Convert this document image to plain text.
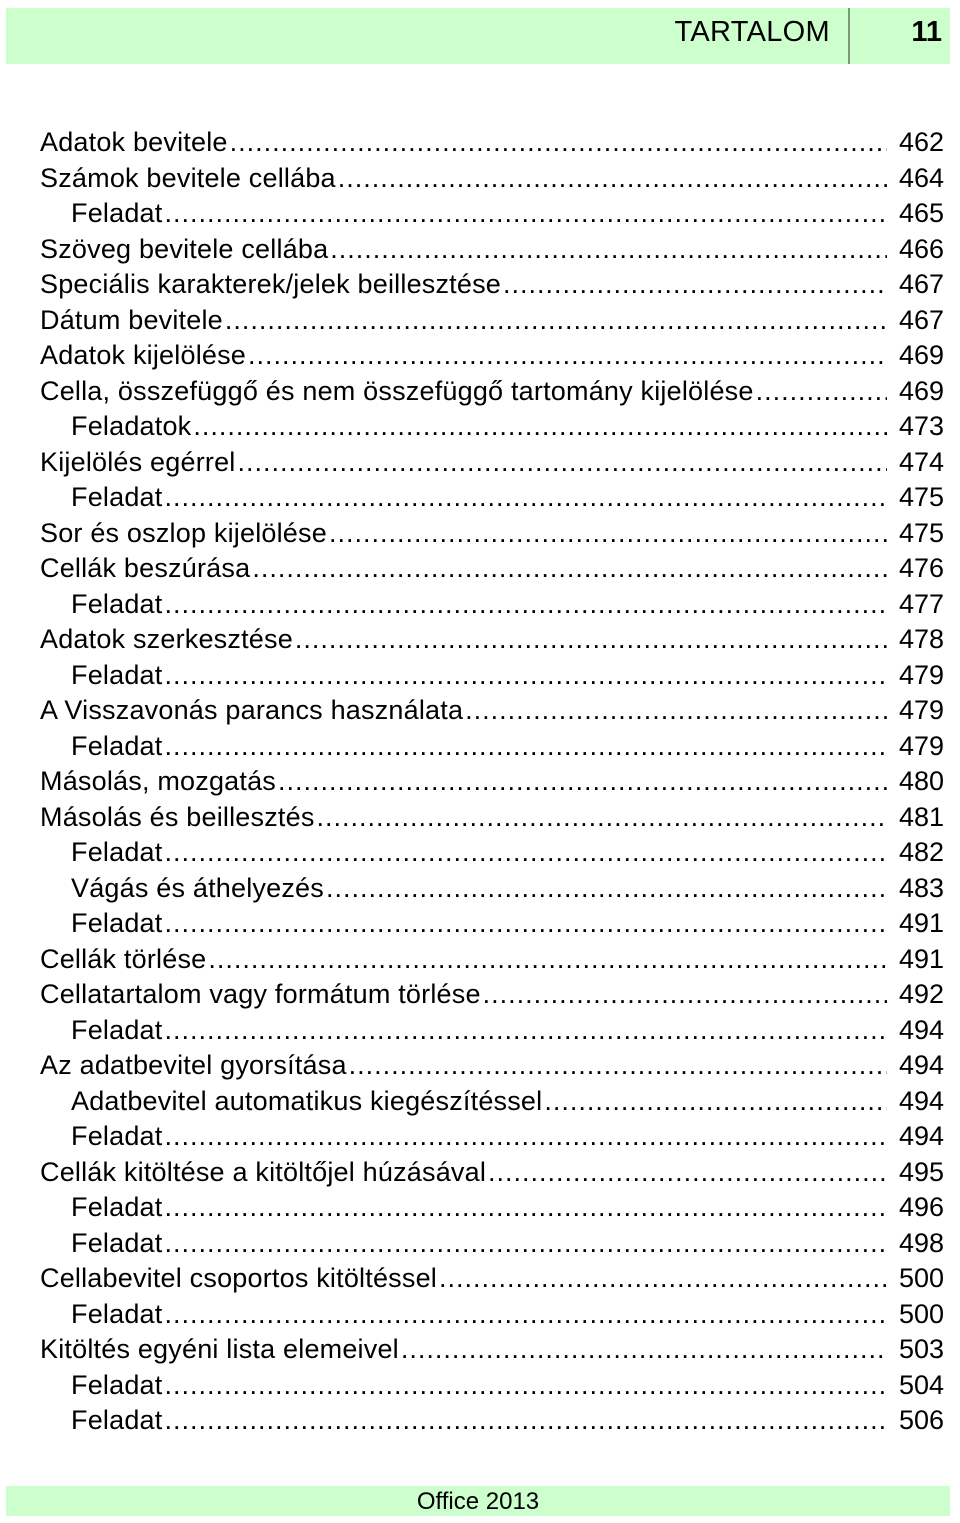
TARTALOM	11
Adatok bevitele .....	462
Számok bevitele cellába .....	464
Feladat .....	465
Szöveg bevitele cellába .....	466
Speciális karakterek/jelek beillesztése .....	467
Dátum bevitele .....	467
Adatok kijelölése .....	469
Cella, összefüggő és nem összefüggő tartomány kijelölése .....	469
Feladatok .....	473
Kijelölés egérrel .....	474
Feladat .....	475
Sor és oszlop kijelölése .....	475
Cellák beszúrása .....	476
Feladat .....	477
Adatok szerkesztése .....	478
Feladat .....	479
A Visszavonás parancs használata .....	479
Feladat .....	479
Másolás, mozgatás .....	480
Másolás és beillesztés .....	481
Feladat .....	482
Vágás és áthelyezés .....	483
Feladat .....	491
Cellák törlése .....	491
Cellatartalom vagy formátum törlése .....	492
Feladat .....	494
Az adatbevitel gyorsítása .....	494
Adatbevitel automatikus kiegészítéssel .....	494
Feladat .....	494
Cellák kitöltése a kitöltőjel húzásával .....	495
Feladat .....	496
Feladat .....	498
Cellabevitel csoportos kitöltéssel .....	500
Feladat .....	500
Kitöltés egyéni lista elemeivel .....	503
Feladat .....	504
Feladat .....	506
Office 2013
